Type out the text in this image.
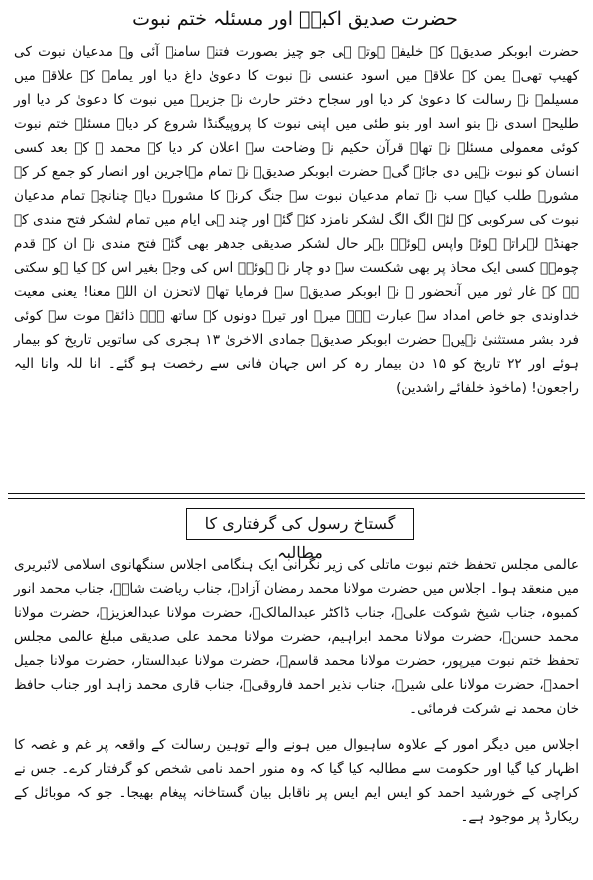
حضرت صدیق اکبرؓ اور مسئلہ ختم نبوت

حضرت ابوبکر صدیقؓ کے خلیفہ ہوتے ہی جو چیز بصورت فتنہ سامنے آئی وہ مدعیان نبوت کی کھیپ تھی۔ یمن کے علاقہ میں اسود عنسی نے نبوت کا دعویٰ داغ دیا اور یمامہ کے علاقہ میں مسیلمہ نے رسالت کا دعویٰ کر دیا اور سجاح دختر حارث نے جزیرہ میں نبوت کا دعویٰ کر دیا اور طلیحہ اسدی نے بنو اسد اور بنو طئی میں اپنی نبوت کا پروپیگنڈا شروع کر دیا۔ مسئلہ ختم نبوت کوئی معمولی مسئلہ نہ تھا۔ قرآن حکیم نے وضاحت سے اعلان کر دیا کہ محمد ﷺ کے بعد کسی انسان کو نبوت نہیں دی جائے گی۔ حضرت ابوبکر صدیقؓ نے تمام مہاجرین اور انصار کو جمع کر کے مشورہ طلب کیا۔ سب نے تمام مدعیان نبوت سے جنگ کرنے کا مشورہ دیا۔ چنانچہ تمام مدعیان نبوت کی سرکوبی کے لئے الگ الگ لشکر نامزد کئے گئے اور چند ہی ایام میں تمام لشکر فتح مندی کے جھنڈے لہراتے ہوئے واپس ہوئے۔ بہر حال لشکر صدیقی جدھر بھی گئے فتح مندی نے ان کے قدم چومے۔ کسی ایک محاذ پر بھی شکست سے دو چار نہ ہوئے۔ اس کی وجہ بغیر اس کے کیا ہو سکتی ہے کہ غار ثور میں آنحضور ﷺ نے ابوبکر صدیقؓ سے فرمایا تھا۔ لاتحزن ان اللہ معنا! یعنی معیت خداوندی جو خاص امداد سے عبارت ہے۔ میرے اور تیرے دونوں کے ساتھ ہے۔ ذائقہ موت سے کوئی فرد بشر مستثنیٰ نہیں۔ حضرت ابوبکر صدیقؓ جمادی الاخریٰ ۱۳ ہجری کی ساتویں تاریخ کو بیمار ہوئے اور ۲۲ تاریخ کو ۱۵ دن بیمار رہ کر اس جہان فانی سے رخصت ہو گئے۔ انا للہ وانا الیہ راجعون! (ماخوذ خلفائے راشدین)

گستاخ رسول کی گرفتاری کا مطالبہ

عالمی مجلس تحفظ ختم نبوت ماتلی کی زیر نگرانی ایک ہنگامی اجلاس سنگھانوی اسلامی لائبریری میں منعقد ہوا۔ اجلاس میں حضرت مولانا محمد رمضان آزادؔ، جناب ریاضت شاہؔ، جناب محمد انور کمبوہ، جناب شیخ شوکت علیؔ، جناب ڈاکٹر عبدالمالکؔ، حضرت مولانا عبدالعزیزؔ، حضرت مولانا محمد حسنؔ، حضرت مولانا محمد ابراہیم، حضرت مولانا محمد علی صدیقی مبلغ عالمی مجلس تحفظ ختم نبوت میرپور، حضرت مولانا محمد قاسمؔ، حضرت مولانا عبدالستار، حضرت مولانا جمیل احمدؔ، حضرت مولانا علی شیرؔ، جناب نذیر احمد فاروقیؔ، جناب قاری محمد زاہد اور جناب حافظ خان محمد نے شرکت فرمائی۔

اجلاس میں دیگر امور کے علاوہ ساہیوال میں ہونے والے توہین رسالت کے واقعہ پر غم و غصہ کا اظہار کیا گیا اور حکومت سے مطالبہ کیا گیا کہ وہ منور احمد نامی شخص کو گرفتار کرے۔ جس نے کراچی کے خورشید احمد کو ایس ایم ایس پر ناقابل بیان گستاخانہ پیغام بھیجا۔ جو کہ موبائل کے ریکارڈ پر موجود ہے۔
